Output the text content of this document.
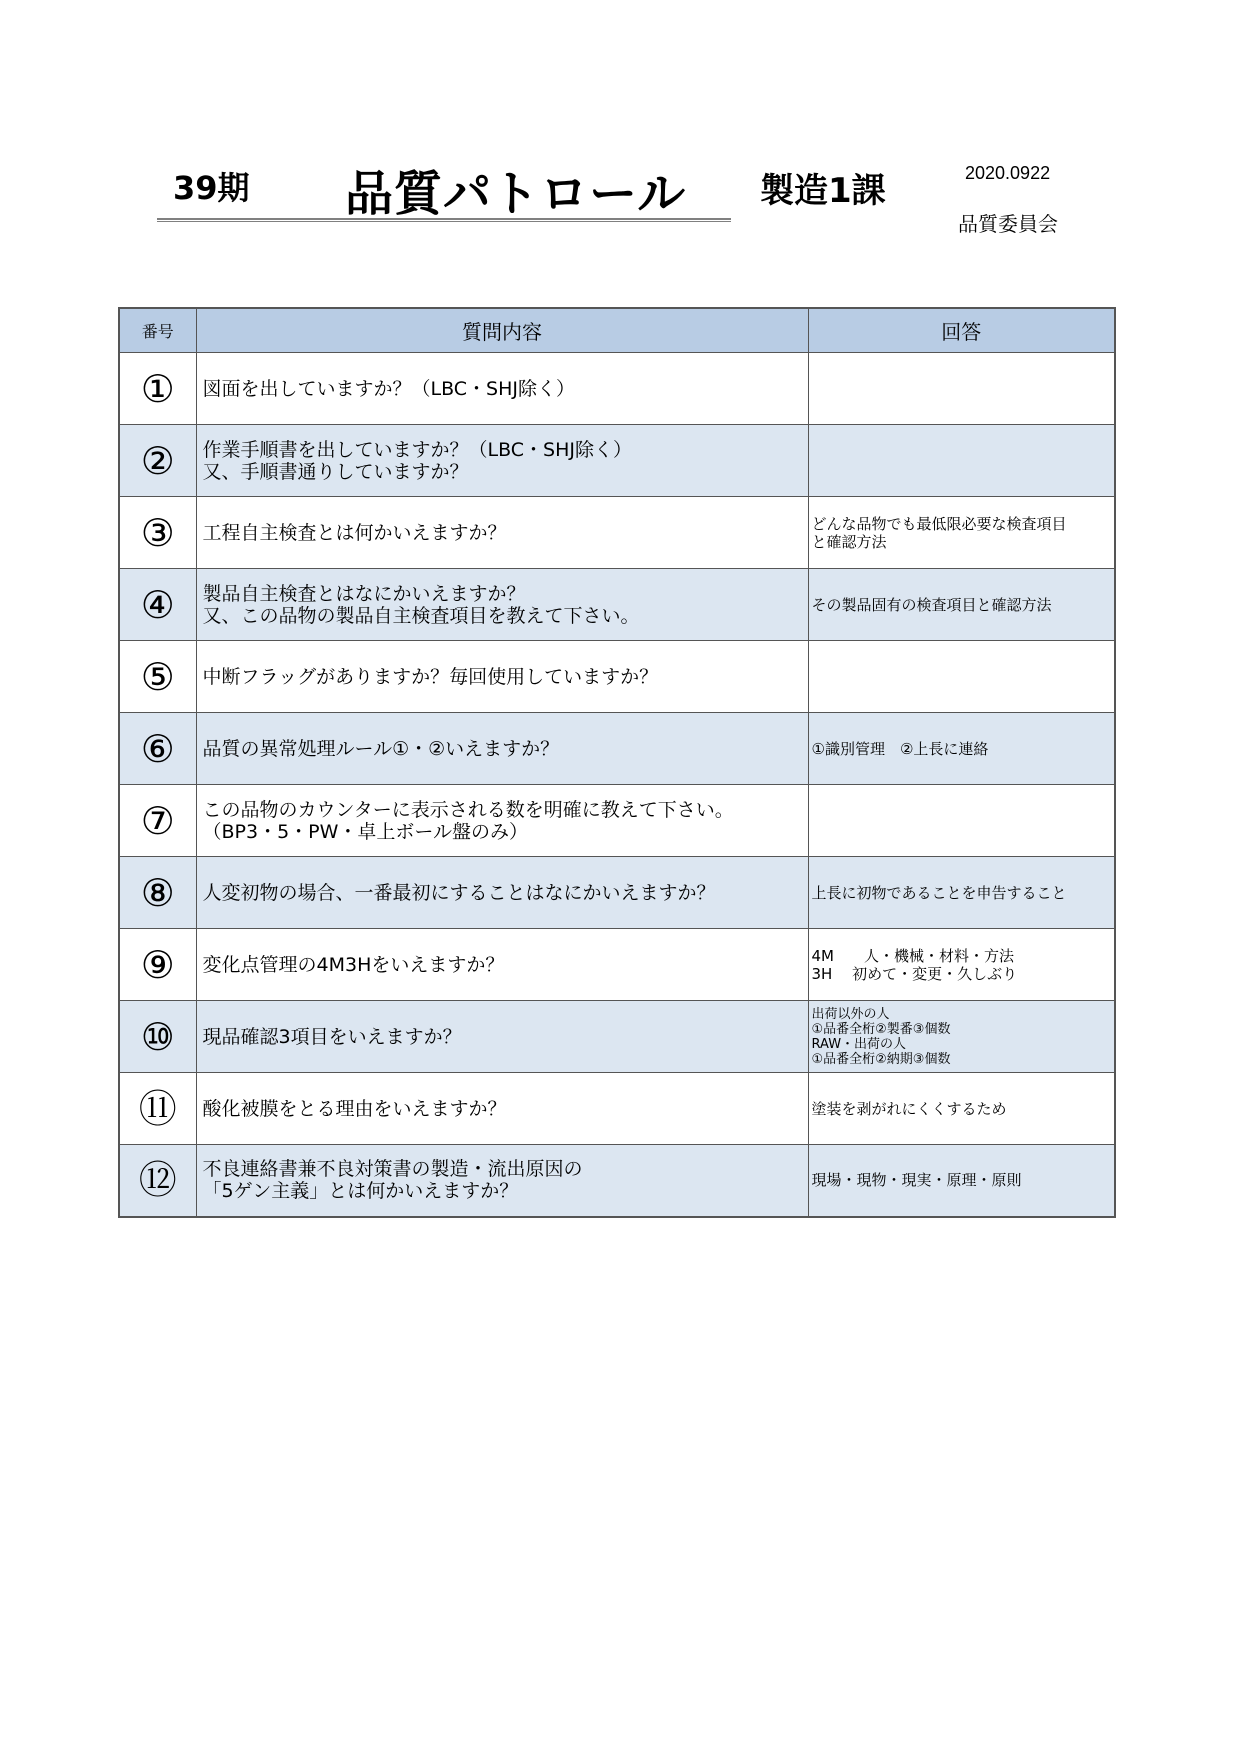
39期 品質パトロール 製造1課	2020.0922
品質委員会
番号	質問内容	回答
①	図面を出していますか？（LBC・SHJ除く）	
②	作業手順書を出していますか？（LBC・SHJ除く）
又、手順書通りしていますか？	
③	工程自主検査とは何かいえますか？	どんな品物でも最低限必要な検査項目
と確認方法
④	製品自主検査とはなにかいえますか？
又、この品物の製品自主検査項目を教えて下さい。	その製品固有の検査項目と確認方法
⑤	中断フラッグがありますか？毎回使用していますか？	
⑥	品質の異常処理ルール①・②いえますか？	①識別管理　②上長に連絡
⑦	この品物のカウンターに表示される数を明確に教えて下さい。
（BP3・5・PW・卓上ボール盤のみ）	
⑧	人変初物の場合、一番最初にすることはなにかいえますか？	上長に初物であることを申告すること
⑨	変化点管理の4M3Hをいえますか？	4M　　人・機械・材料・方法
3H　 初めて・変更・久しぶり
⑩	現品確認3項目をいえますか？	出荷以外の人
①品番全桁②製番③個数
RAW・出荷の人
①品番全桁②納期③個数
⑪	酸化被膜をとる理由をいえますか？	塗装を剥がれにくくするため
⑫	不良連絡書兼不良対策書の製造・流出原因の
「5ゲン主義」とは何かいえますか？	現場・現物・現実・原理・原則
